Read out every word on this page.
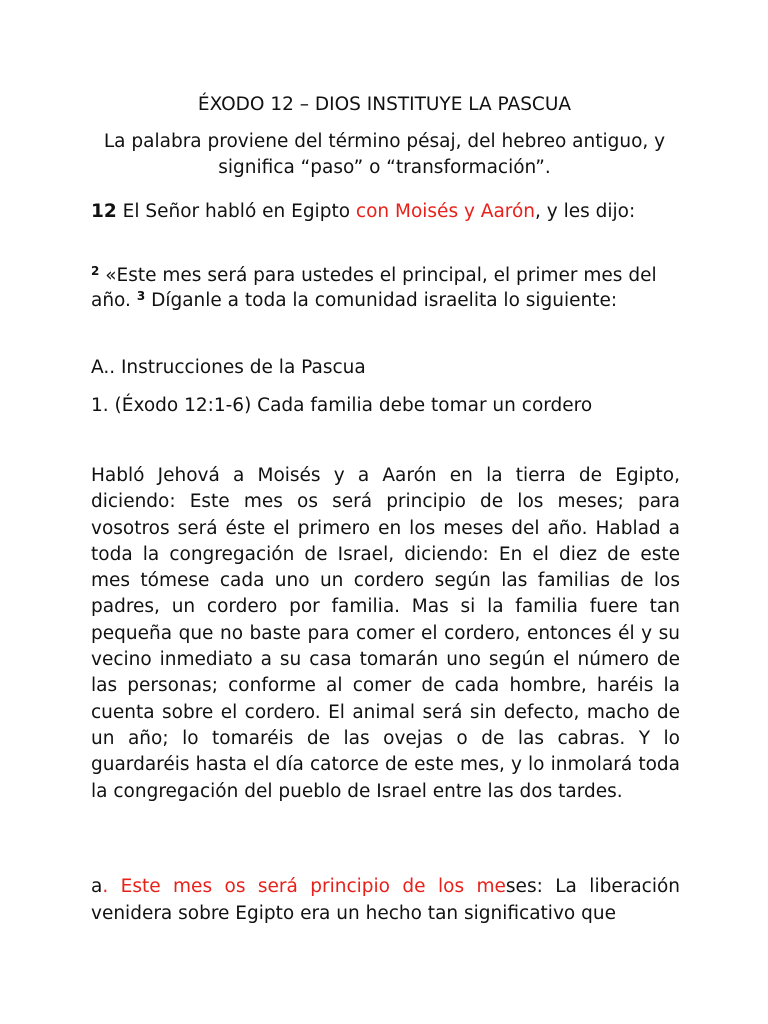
ÉXODO 12 – DIOS INSTITUYE LA PASCUA
La palabra proviene del término pésaj, del hebreo antiguo, y significa “paso” o “transformación”.
12 El Señor habló en Egipto con Moisés y Aarón, y les dijo:
$^2$ «Este mes será para ustedes el principal, el primer mes del año. $^3$ Díganle a toda la comunidad israelita lo siguiente:
A.. Instrucciones de la Pascua
1. (Éxodo 12:1-6) Cada familia debe tomar un cordero
Habló Jehová a Moisés y a Aarón en la tierra de Egipto, diciendo: Este mes os será principio de los meses; para vosotros será éste el primero en los meses del año. Hablad a toda la congregación de Israel, diciendo: En el diez de este mes tómese cada uno un cordero según las familias de los padres, un cordero por familia. Mas si la familia fuere tan pequeña que no baste para comer el cordero, entonces él y su vecino inmediato a su casa tomarán uno según el número de las personas; conforme al comer de cada hombre, haréis la cuenta sobre el cordero. El animal será sin defecto, macho de un año; lo tomaréis de las ovejas o de las cabras. Y lo guardaréis hasta el día catorce de este mes, y lo inmolará toda la congregación del pueblo de Israel entre las dos tardes.
a. Este mes os será principio de los meses: La liberación venidera sobre Egipto era un hecho tan significativo que
